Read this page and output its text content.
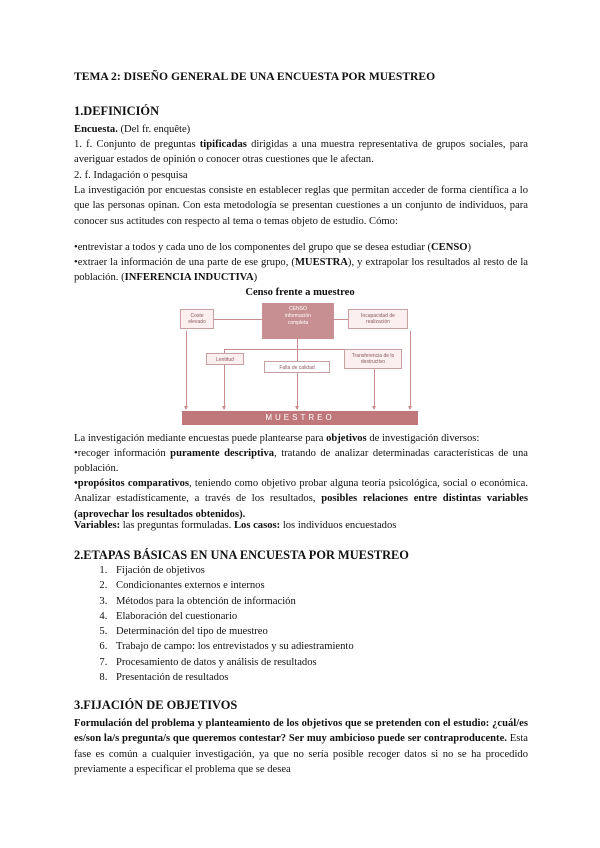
TEMA 2: DISEÑO GENERAL DE UNA ENCUESTA POR MUESTREO
1.DEFINICIÓN
Encuesta. (Del fr. enquête)
1. f. Conjunto de preguntas tipificadas dirigidas a una muestra representativa de grupos sociales, para averiguar estados de opinión o conocer otras cuestiones que le afectan.
2. f. Indagación o pesquisa
La investigación por encuestas consiste en establecer reglas que permitan acceder de forma científica a lo que las personas opinan. Con esta metodología se presentan cuestiones a un conjunto de individuos, para conocer sus actitudes con respecto al tema o temas objeto de estudio. Cómo:
•entrevistar a todos y cada uno de los componentes del grupo que se desea estudiar (CENSO)
•extraer la información de una parte de ese grupo, (MUESTRA), y extrapolar los resultados al resto de la población. (INFERENCIA INDUCTIVA)
Censo frente a muestreo
Coste
elevado
CENSO
información
completa
Incapacidad de
realización
Lentitud
Falta de calidad
Transferencia de lo
destructivo
MUESTREO
La investigación mediante encuestas puede plantearse para objetivos de investigación diversos:
•recoger información puramente descriptiva, tratando de analizar determinadas características de una población.
•propósitos comparativos, teniendo como objetivo probar alguna teoría psicológica, social o económica. Analizar estadísticamente, a través de los resultados, posibles relaciones entre distintas variables (aprovechar los resultados obtenidos).
Variables: las preguntas formuladas. Los casos: los individuos encuestados
2.ETAPAS BÁSICAS EN UNA ENCUESTA POR MUESTREO
1. Fijación de objetivos
2. Condicionantes externos e internos
3. Métodos para la obtención de información
4. Elaboración del cuestionario
5. Determinación del tipo de muestreo
6. Trabajo de campo: los entrevistados y su adiestramiento
7. Procesamiento de datos y análisis de resultados
8. Presentación de resultados
3.FIJACIÓN DE OBJETIVOS
Formulación del problema y planteamiento de los objetivos que se pretenden con el estudio: ¿cuál/es es/son la/s pregunta/s que queremos contestar? Ser muy ambicioso puede ser contraproducente. Esta fase es común a cualquier investigación, ya que no sería posible recoger datos si no se ha procedido previamente a especificar el problema que se desea
